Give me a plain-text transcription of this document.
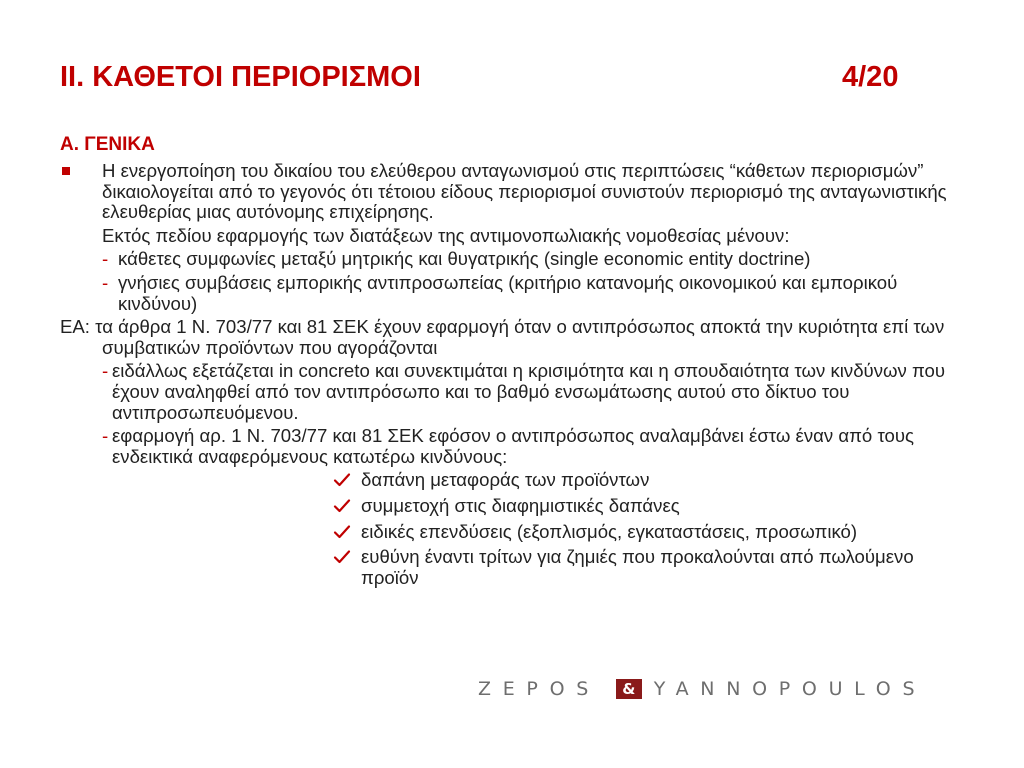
ΙΙ. ΚΑΘΕΤΟΙ ΠΕΡΙΟΡΙΣΜΟΙ	4/20
Α. ΓΕΝΙΚΑ
Η ενεργοποίηση του δικαίου του ελεύθερου ανταγωνισμού στις περιπτώσεις “κάθετων περιορισμών” δικαιολογείται από το γεγονός ότι τέτοιου είδους περιορισμοί συνιστούν περιορισμό της ανταγωνιστικής ελευθερίας μιας αυτόνομης επιχείρησης.
Εκτός πεδίου εφαρμογής των διατάξεων της αντιμονοπωλιακής νομοθεσίας μένουν:
- κάθετες συμφωνίες μεταξύ μητρικής και θυγατρικής (single economic entity doctrine)
- γνήσιες συμβάσεις εμπορικής αντιπροσωπείας (κριτήριο κατανομής οικονομικού και εμπορικού κινδύνου)
ΕΑ: τα άρθρα 1 Ν. 703/77 και 81 ΣΕΚ έχουν εφαρμογή όταν ο αντιπρόσωπος αποκτά την κυριότητα επί των συμβατικών προϊόντων που αγοράζονται
- ειδάλλως εξετάζεται in concreto και συνεκτιμάται η κρισιμότητα και η σπουδαιότητα των κινδύνων που έχουν αναληφθεί από τον αντιπρόσωπο και το βαθμό ενσωμάτωσης αυτού στο δίκτυο του αντιπροσωπευόμενου.
- εφαρμογή αρ. 1 Ν. 703/77 και 81 ΣΕΚ εφόσον ο αντιπρόσωπος αναλαμβάνει έστω έναν από τους ενδεικτικά αναφερόμενους κατωτέρω κινδύνους:
δαπάνη μεταφοράς των προϊόντων
συμμετοχή στις διαφημιστικές δαπάνες
ειδικές επενδύσεις (εξοπλισμός, εγκαταστάσεις, προσωπικό)
ευθύνη έναντι τρίτων για ζημιές που προκαλούνται από πωλούμενο προϊόν
ZEPOS & YANNOPOULOS
